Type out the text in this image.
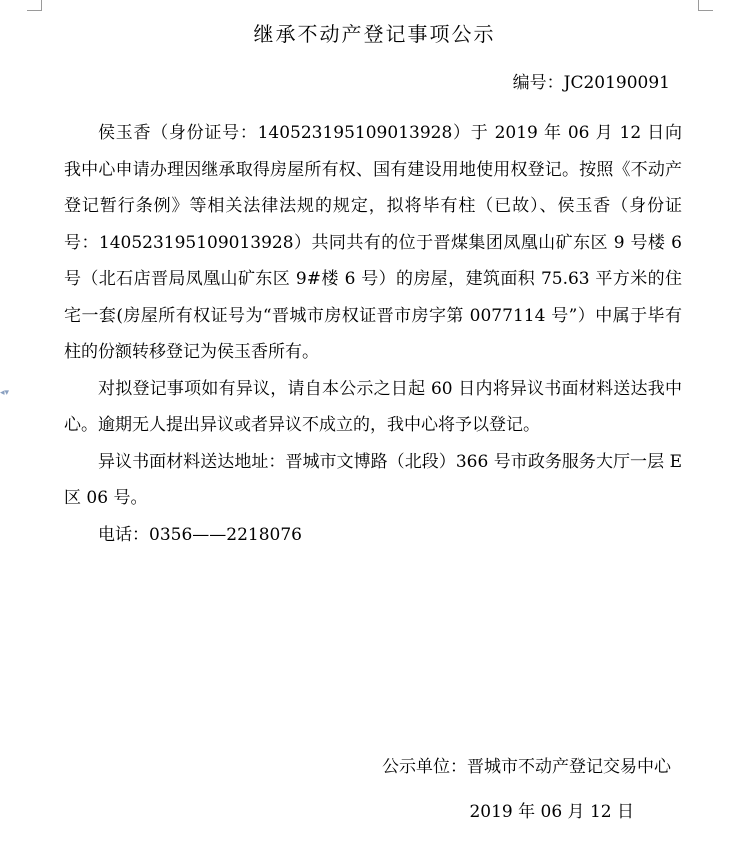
◂▾
继承不动产登记事项公示
编号：JC20190091

侯玉香（身份证号：140523195109013928）于 2019 年 06 月 12 日向我中心申请办理因继承取得房屋所有权、国有建设用地使用权登记。按照《不动产登记暂行条例》等相关法律法规的规定，拟将毕有柱（已故）、侯玉香（身份证号：140523195109013928）共同共有的位于晋煤集团凤凰山矿东区 9 号楼 6 号（北石店晋局凤凰山矿东区 9#楼 6 号）的房屋，建筑面积 75.63 平方米的住宅一套(房屋所有权证号为“晋城市房权证晋市房字第 0077114 号”）中属于毕有柱的份额转移登记为侯玉香所有。

对拟登记事项如有异议，请自本公示之日起 60 日内将异议书面材料送达我中心。逾期无人提出异议或者异议不成立的，我中心将予以登记。

异议书面材料送达地址：晋城市文博路（北段）366 号市政务服务大厅一层 E 区 06 号。

电话：0356——2218076
公示单位：晋城市不动产登记交易中心
2019 年 06 月 12 日
